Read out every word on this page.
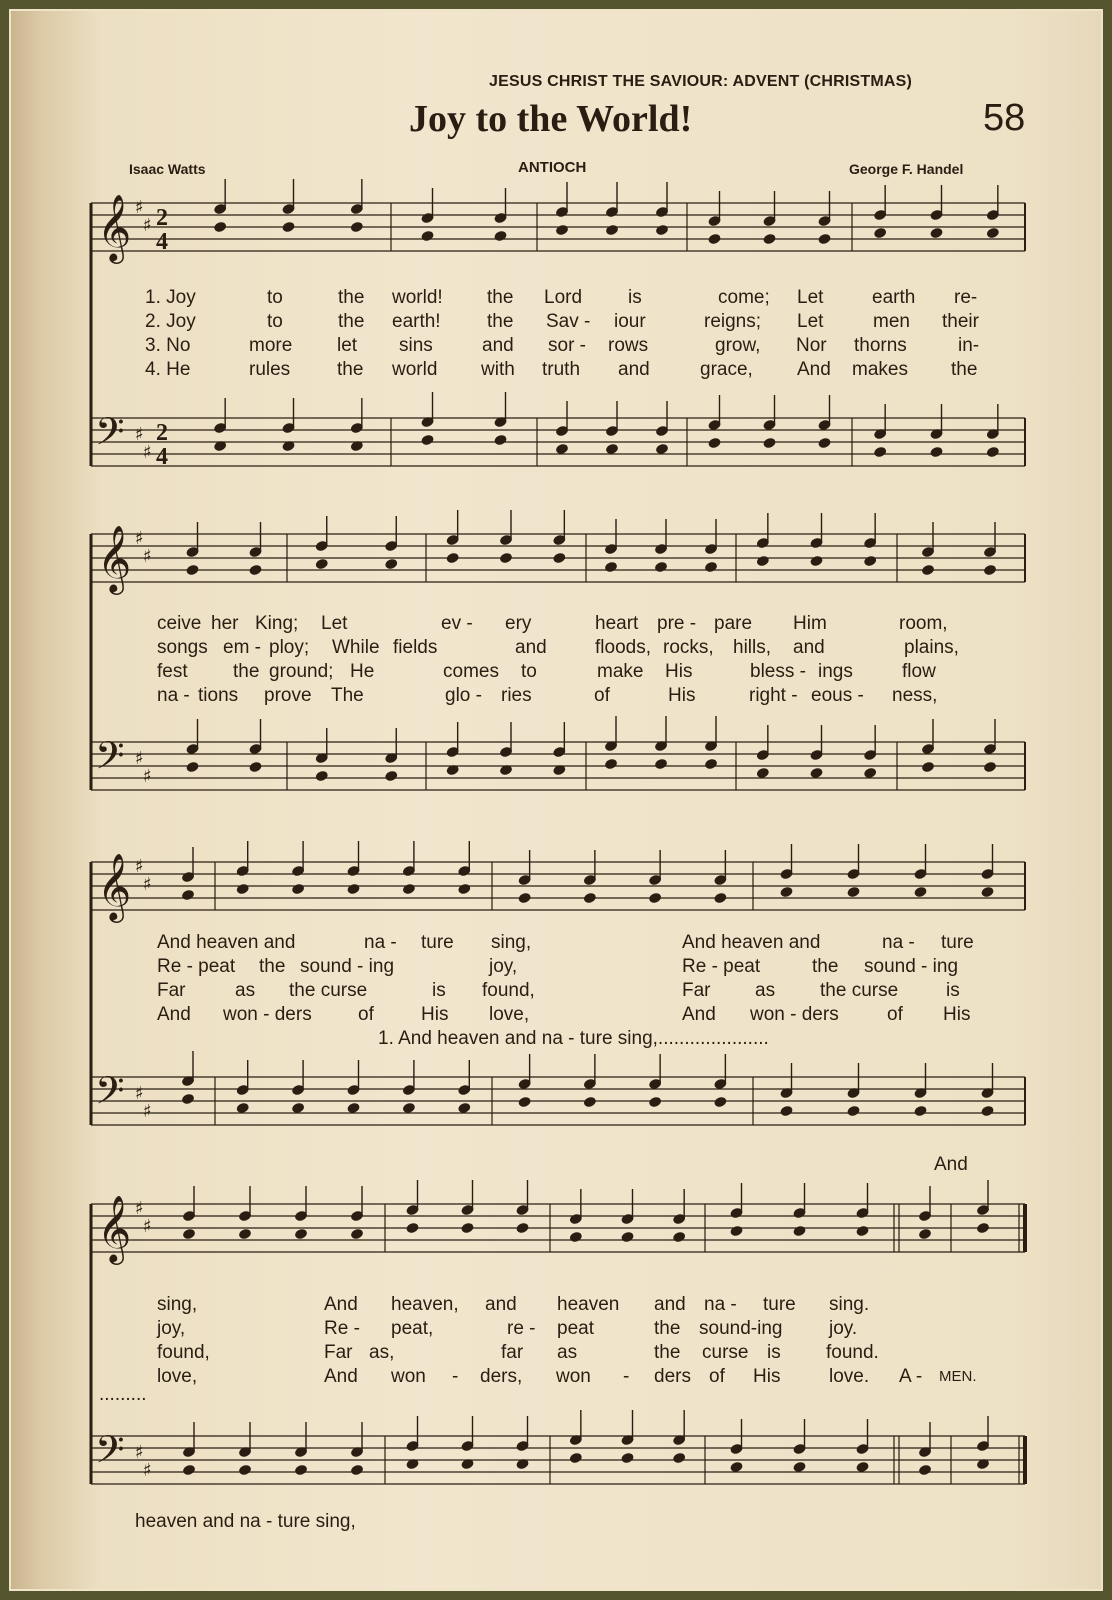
JESUS CHRIST THE SAVIOUR: ADVENT (CHRISTMAS)
Joy to the World!	58
Isaac Watts	ANTIOCH	George F. Handel
𝄞 ♯
♯ 2
4
𝄢 ♯
♯
2
4
𝄞 ♯
♯
𝄢 ♯
♯
𝄞 ♯
♯
𝄢 ♯
♯
𝄞 ♯
♯
𝄢 ♯
♯
1. Joy	to	the world! the Lord is	come; Let	earth re-
2. Joy	to	the earth! the Sav - iour	reigns; Let	men their
3. No	more let sins	and sor - rows	grow, Nor thorns	in-
4. He	rules the world with truth and	grace, And makes the
ceive her King; Let	ev - ery	heart pre - pare Him	room,
songs em - ploy; While fields	and	floods, rocks, hills, and	plains,
fest the ground; He	comes to	make His	bless - ings	flow
na - tions prove The	glo - ries	of	His	right - eous - ness,
And heaven and	na - ture sing,	And heaven and	na - ture
Re - peat the sound - ing	joy,	Re - peat	the sound - ing
Far	as the curse	is found,	Far as the curse	is
And won - ders of His love,	And won - ders	of His
1. And heaven and na - ture sing,.....................
And
sing,	And heaven, and heaven and na - ture sing.
joy,	Re - peat,	re - peat	the sound-ing joy.
found,	Far as,	far as	the curse is found.
love,	And won - ders, won - ders of His	love. A - MEN.
.........
heaven and na - ture sing,
